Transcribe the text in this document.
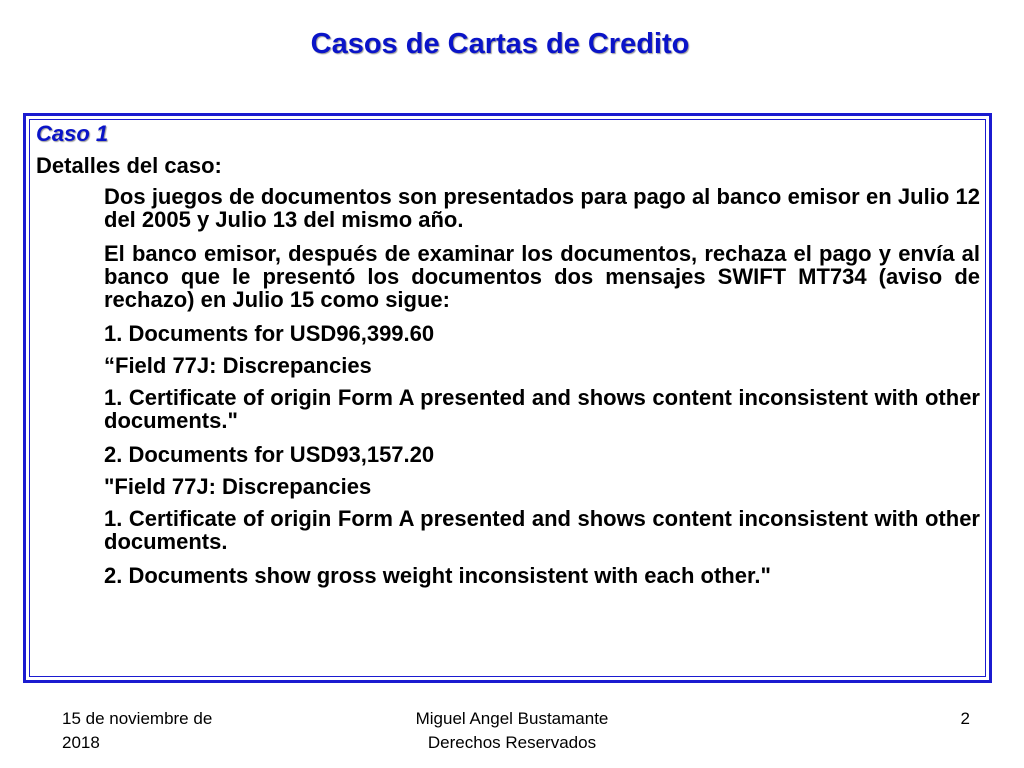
Casos de Cartas de Credito
Caso 1
Detalles del caso:
Dos juegos de documentos son presentados para pago al banco emisor en Julio 12 del 2005 y Julio 13 del mismo año.
El banco emisor, después de examinar los documentos, rechaza el pago y envía al banco que le presentó los documentos dos mensajes SWIFT MT734 (aviso de rechazo) en Julio 15 como sigue:
1. Documents for USD96,399.60
“Field 77J: Discrepancies
1. Certificate of origin Form A presented and shows content inconsistent with other documents."
2. Documents for USD93,157.20
"Field 77J: Discrepancies
1. Certificate of origin Form A presented and shows content inconsistent with other documents.
2. Documents show gross weight inconsistent with each other."
15 de noviembre de
2018
Miguel Angel Bustamante
Derechos Reservados
2
